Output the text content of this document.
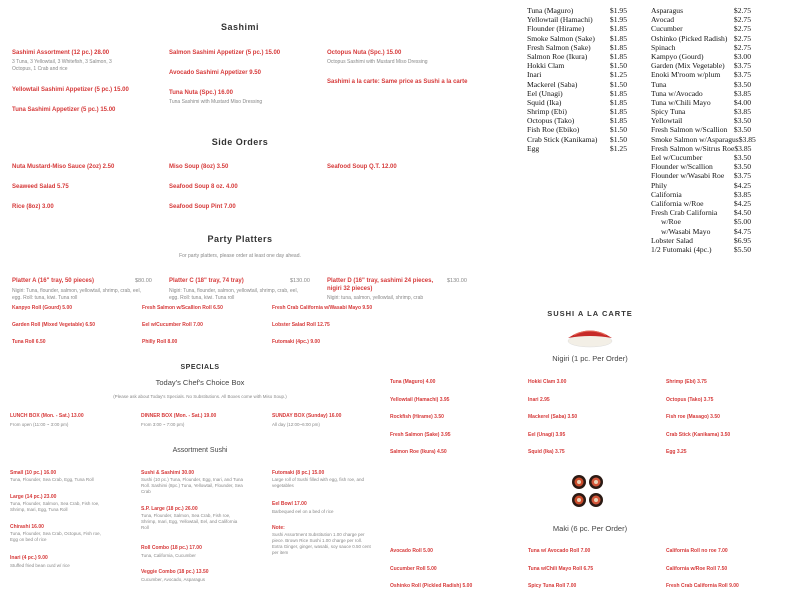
Sashimi
Sashimi Assortment (12 pc.) 28.00
3 Tuna, 3 Yellowtail, 3 Whitefish, 3 Salmon, 3 Octopus, 1 Crab and rice
Yellowtail Sashimi Appetizer (5 pc.) 15.00
Tuna Sashimi Appetizer (5 pc.) 15.00
Salmon Sashimi Appetizer (5 pc.) 15.00
Avocado Sashimi Appetizer 9.50
Tuna Nuta (Spc.) 16.00
Tuna Sashimi with Mustard Miso Dressing
Octopus Nuta (Spc.) 15.00
Octopus Sashimi with Mustard Miso Dressing
Sashimi a la carte: Same price as Sushi a la carte
Side Orders
Nuta Mustard-Miso Sauce (2oz) 2.50
Seaweed Salad 5.75
Rice (8oz) 3.00
Miso Soup (8oz) 3.50
Seafood Soup 8 oz. 4.00
Seafood Soup Pint 7.00
Seafood Soup Q.T. 12.00
Party Platters
For party platters, please order at least one day ahead.
Platter A (16" tray, 50 pieces)	$80.00
Nigiri: Tuna, flounder, salmon, yellowtail, shrimp, crab, eel, egg. Roll: tuna, kiwi. Tuna roll
Platter C (18" tray, 74 tray)	$130.00
Nigiri: Tuna, flounder, salmon, yellowtail, shrimp, crab, eel, egg. Roll: tuna, kiwi. Tuna roll
Platter D (16" tray, sashimi 24 pieces, nigiri 32 pieces)
$130.00
Nigiri: tuna, salmon, yellowtail, shrimp, crab
Kanpyo Roll (Gourd) 5.00
Garden Roll (Mixed Vegetable) 6.50
Tuna Roll 6.50
Fresh Salmon w/Scallion Roll 6.50
Eel w/Cucumber Roll 7.00
Philly Roll 8.00
Fresh Crab California w/Wasabi Mayo 9.50
Lobster Salad Roll 12.75
Futomaki (4pc.) 9.00
SPECIALS
Today's Chef's Choice Box
(Please ask about Today's Specials. No Substitutions. All Boxes come with Miso Soup.)
LUNCH BOX (Mon. - Sat.) 13.00
From open (11:00 ~ 3:00 pm)
DINNER BOX (Mon. - Sat.) 19.00
From 3:00 ~ 7:00 pm)
SUNDAY BOX (Sunday) 16.00
All day (12:00~6:00 pm)
Assortment Sushi
Small (10 pc.) 16.00
Tuna, Flounder, Sea Crab, Egg, Tuna Roll
Large (14 pc.) 23.00
Tuna, Flounder, Salmon, Sea Crab, Fish roe, Shrimp, Inari, Egg, Tuna Roll
Chirashi 16.00
Tuna, Flounder, Sea Crab, Octopus, Fish roe, Egg on bed of rice
Inari (4 pc.) 9.00
Stuffed fried bean curd w/ rice
Sushi & Sashimi 30.00
Sushi (10 pc.) Tuna, Flounder, Egg, Inari, and Tuna Roll. Sashimi (8pc.) Tuna, Yellowtail, Flounder, Sea Crab
S.P. Large (18 pc.) 26.00
Tuna, Flounder, Salmon, Sea Crab, Fish roe, Shrimp, Inari, Egg, Yellowtail, Eel, and California Roll
Roll Combo (18 pc.) 17.00
Tuna, California, Cucumber
Veggie Combo (18 pc.) 13.50
Cucumber, Avocado, Asparagus
Futomaki (8 pc.) 15.00
Large roll of Sushi filled with egg, fish roe, and vegetables
Eel Bowl 17.00
Barbequed eel on a bed of rice
Note:
Sushi Assortment Substitution 1.00 charge per piece. Brown Rice Sushi 1.00 charge per roll. Extra Ginger, ginger, wasabi, soy sauce 0.50 cent per item
SUSHI A LA CARTE
Nigiri (1 pc. Per Order)
Maki (6 pc. Per Order)
Tuna (Maguro) 4.00
Yellowtail (Hamachi) 3.95
Rockfish (Hirame) 3.50
Fresh Salmon (Sake) 3.95
Salmon Roe (Ikura) 4.50
Hokki Clam 3.00
Inari 2.95
Mackerel (Saba) 3.50
Eel (Unagi) 3.95
Squid (Ika) 3.75
Shrimp (Ebi) 3.75
Octopus (Tako) 3.75
Fish roe (Masago) 3.50
Crab Stick (Kanikama) 3.50
Egg 3.25
Avocado Roll 5.00
Cucumber Roll 5.00
Oshinko Roll (Pickled Radish) 5.00
Tuna w/ Avocado Roll 7.00
Tuna w/Chili Mayo Roll 6.75
Spicy Tuna Roll 7.00
California Roll no roe 7.00
California w/Roe Roll 7.50
Fresh Crab California Roll 9.00
Tuna (Maguro)	$1.95
Yellowtail (Hamachi) $1.95
Flounder (Hirame)	$1.85
Smoke Salmon (Sake) $1.85
Fresh Salmon (Sake)	$1.85
Salmon Roe (Ikura)	$1.85
Hokki Clam	$1.50
Inari	$1.25
Mackerel (Saba)	$1.50
Eel (Unagi)	$1.85
Squid (Ika)	$1.85
Shrimp (Ebi)	$1.85
Octopus (Tako)	$1.85
Fish Roe (Ebiko)	$1.50
Crab Stick (Kanikama) $1.50
Egg	$1.25
Asparagus	$2.75
Avocad	$2.75
Cucumber	$2.75
Oshinko (Picked Radish) $2.75
Spinach	$2.75
Kampyo (Gourd)	$3.00
Garden (Mix Vegetable) $3.75
Enoki M'room w/plum $3.75
Tuna	$3.50
Tuna w/Avocado	$3.85
Tuna w/Chili Mayo	$4.00
Spicy Tuna	$3.85
Yellowtail	$3.50
Fresh Salmon w/Scallion $3.50
Smoke Salmon w/Asparagus $3.85
Fresh Salmon w/Sitrus Roe $3.85
Eel w/Cucumber	$3.50
Flounder w/Scallion	$3.50
Flounder w/Wasabi Roe $3.75
Phily	$4.25
California	$3.85
California w/Roe	$4.25
Fresh Crab California $4.50
w/Roe	$5.00
w/Wasabi Mayo	$4.75
Lobster Salad	$6.95
1/2 Futomaki (4pc.)	$5.50
